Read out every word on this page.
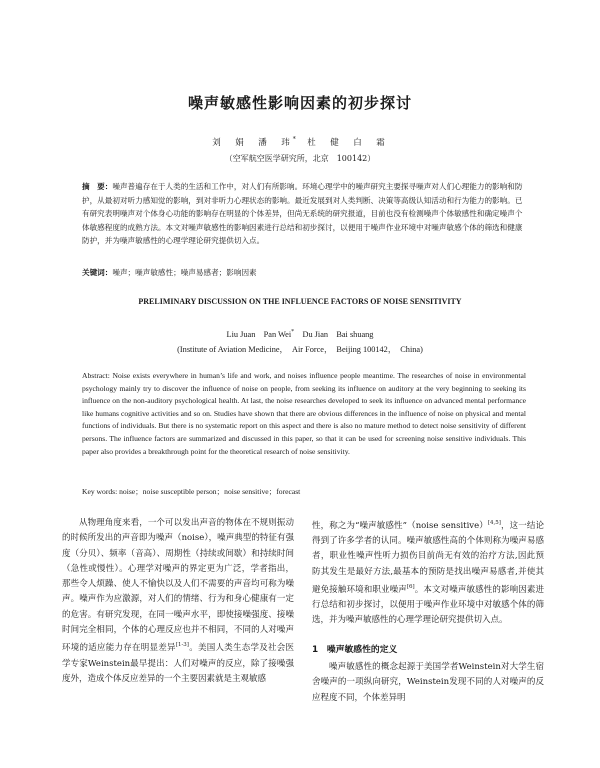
噪声敏感性影响因素的初步探讨
刘　娟　潘　玮*　 杜　健　白　霜
（空军航空医学研究所，北京　100142）
摘　要：噪声普遍存在于人类的生活和工作中，对人们有所影响。环境心理学中的噪声研究主要探寻噪声对人们心理能力的影响和防护，从最初对听力感知觉的影响，到对非听力心理状态的影响。最近发展到对人类判断、决策等高级认知活动和行为能力的影响。已有研究表明噪声对个体身心功能的影响存在明显的个体差异，但尚无系统的研究报道，目前也没有检测噪声个体敏感性和确定噪声个体敏感程度的成熟方法。本文对噪声敏感性的影响因素进行总结和初步探讨，以便用于噪声作业环境中对噪声敏感个体的筛选和健康防护，并为噪声敏感性的心理学理论研究提供切入点。
关键词：噪声；噪声敏感性；噪声易感者；影响因素
PRELIMINARY DISCUSSION ON THE INFLUENCE FACTORS OF NOISE SENSITIVITY
Liu Juan　Pan Wei*　Du Jian　Bai shuang
(Institute of Aviation Medicine，　Air Force，　Beijing 100142，　China)
Abstract: Noise exists everywhere in human’s life and work, and noises influence people meantime. The researches of noise in environmental psychology mainly try to discover the influence of noise on people, from seeking its influence on auditory at the very beginning to seeking its influence on the non-auditory psychological health. At last, the noise researches developed to seek its influence on advanced mental performance like humans cognitive activities and so on. Studies have shown that there are obvious differences in the influence of noise on physical and mental functions of individuals. But there is no systematic report on this aspect and there is also no mature method to detect noise sensitivity of different persons. The influence factors are summarized and discussed in this paper, so that it can be used for screening noise sensitive individuals. This paper also provides a breakthrough point for the theoretical research of noise sensitivity.
Key words: noise；noise susceptible person；noise sensitive；forecast

从物理角度来看，一个可以发出声音的物体在不规则振动的时候所发出的声音即为噪声（noise），噪声典型的特征有强度（分贝）、频率（音高）、周期性（持续或间歇）和持续时间（急性或慢性）。心理学对噪声的界定更为广泛，学者指出，那些令人烦躁、使人不愉快以及人们不需要的声音均可称为噪声。噪声作为应激源，对人们的情绪、行为和身心健康有一定的危害。有研究发现，在同一噪声水平，即使接噪强度、接噪时间完全相同，个体的心理反应也并不相同，不同的人对噪声环境的适应能力存在明显差异[1-3]。美国人类生态学及社会医学专家Weinstein最早提出：人们对噪声的反应，除了接噪强度外，造成个体反应差异的一个主要因素就是主观敏感

性，称之为“噪声敏感性”（noise sensitive）[4,5]，这一结论得到了许多学者的认同。噪声敏感性高的个体则称为噪声易感者，职业性噪声性听力损伤目前尚无有效的治疗方法,因此预防其发生是最好方法,最基本的预防是找出噪声易感者,并使其避免接触环境和职业噪声[6]。本文对噪声敏感性的影响因素进行总结和初步探讨，以便用于噪声作业环境中对敏感个体的筛选，并为噪声敏感性的心理学理论研究提供切入点。

1　噪声敏感性的定义

噪声敏感性的概念起源于美国学者Weinstein对大学生宿舍噪声的一项纵向研究，Weinstein发现不同的人对噪声的反应程度不同，个体差异明
